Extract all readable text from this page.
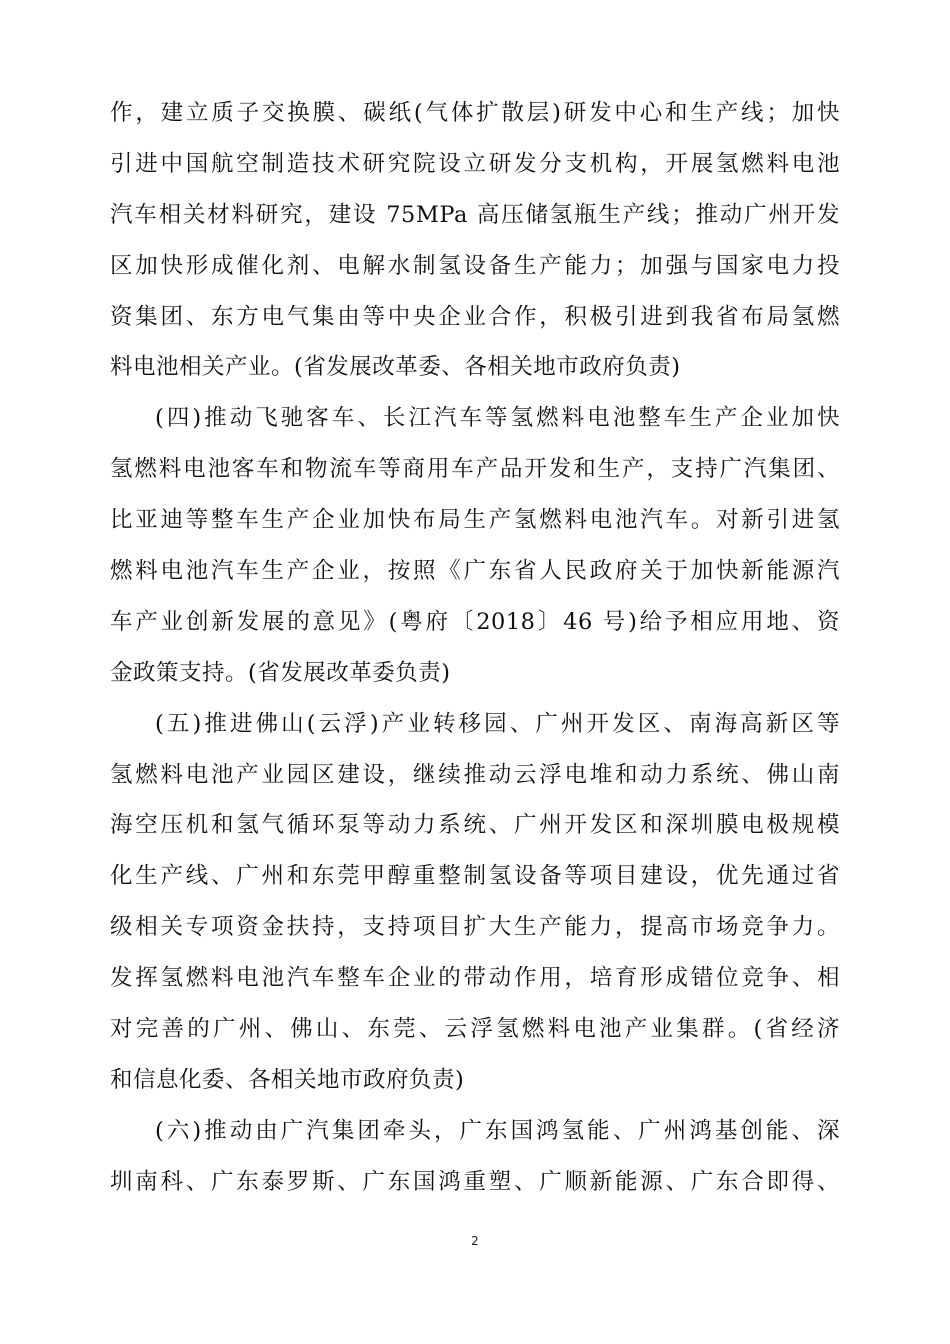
作，建立质子交换膜、碳纸(气体扩散层)研发中心和生产线；加快
引进中国航空制造技术研究院设立研发分支机构，开展氢燃料电池
汽车相关材料研究，建设 75MPa 高压储氢瓶生产线；推动广州开发
区加快形成催化剂、电解水制氢设备生产能力；加强与国家电力投
资集团、东方电气集由等中央企业合作，积极引进到我省布局氢燃
料电池相关产业。(省发展改革委、各相关地市政府负责)
(四)推动飞驰客车、长江汽车等氢燃料电池整车生产企业加快
氢燃料电池客车和物流车等商用车产品开发和生产，支持广汽集团、
比亚迪等整车生产企业加快布局生产氢燃料电池汽车。对新引进氢
燃料电池汽车生产企业，按照《广东省人民政府关于加快新能源汽
车产业创新发展的意见》(粤府〔2018〕46 号)给予相应用地、资
金政策支持。(省发展改革委负责)
(五)推进佛山(云浮)产业转移园、广州开发区、南海高新区等
氢燃料电池产业园区建设，继续推动云浮电堆和动力系统、佛山南
海空压机和氢气循环泵等动力系统、广州开发区和深圳膜电极规模
化生产线、广州和东莞甲醇重整制氢设备等项目建设，优先通过省
级相关专项资金扶持，支持项目扩大生产能力，提高市场竞争力。
发挥氢燃料电池汽车整车企业的带动作用，培育形成错位竞争、相
对完善的广州、佛山、东莞、云浮氢燃料电池产业集群。(省经济
和信息化委、各相关地市政府负责)
(六)推动由广汽集团牵头，广东国鸿氢能、广州鸿基创能、深
圳南科、广东泰罗斯、广东国鸿重塑、广顺新能源、广东合即得、
2
